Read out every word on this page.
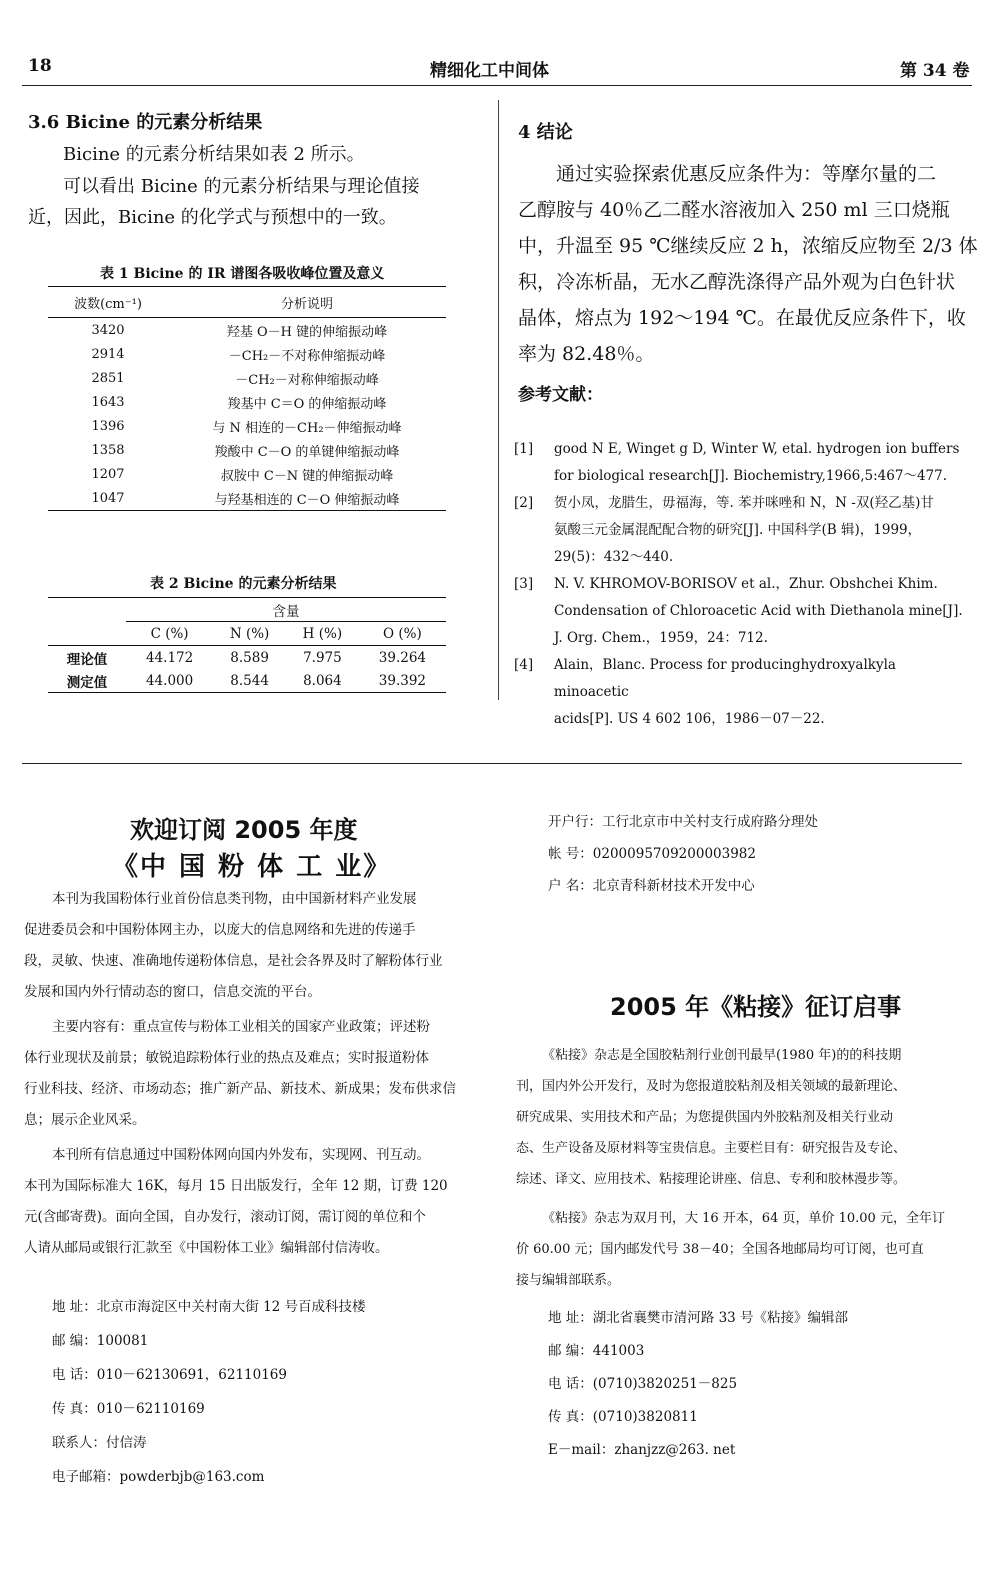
18	精细化工中间体	第 34 卷
3.6 Bicine 的元素分析结果
Bicine 的元素分析结果如表 2 所示。
可以看出 Bicine 的元素分析结果与理论值接
近，因此，Bicine 的化学式与预想中的一致。
表 1 Bicine 的 IR 谱图各吸收峰位置及意义
波数(cm⁻¹)	分析说明
3420	羟基 O－H 键的伸缩振动峰
2914	－CH₂－不对称伸缩振动峰
2851	－CH₂－对称伸缩振动峰
1643	羧基中 C＝O 的伸缩振动峰
1396	与 N 相连的－CH₂－伸缩振动峰
1358	羧酸中 C－O 的单键伸缩振动峰
1207	叔胺中 C－N 键的伸缩振动峰
1047	与羟基相连的 C－O 伸缩振动峰
表 2 Bicine 的元素分析结果
	含量			
	C (%)	N (%)	H (%)	O (%)
理论值	44.172	8.589	7.975	39.264
测定值	44.000	8.544	8.064	39.392
4 结论
通过实验探索优惠反应条件为：等摩尔量的二
乙醇胺与 40％乙二醛水溶液加入 250 ml 三口烧瓶
中，升温至 95 ℃继续反应 2 h，浓缩反应物至 2/3 体
积，冷冻析晶，无水乙醇洗涤得产品外观为白色针状
晶体，熔点为 192～194 ℃。在最优反应条件下，收
率为 82.48％。
参考文献：
[1]	good N E, Winget g D, Winter W, etal. hydrogen ion buffers
for biological research[J]. Biochemistry,1966,5:467～477.
[2]	贺小凤，龙腊生，毋福海，等. 苯并咪唑和 N，N -双(羟乙基)甘
氨酸三元金属混配配合物的研究[J]. 中国科学(B 辑)，1999，
29(5)：432～440.
[3]	N. V. KHROMOV-BORISOV et al.，Zhur. Obshchei Khim.
Condensation of Chloroacetic Acid with Diethanola mine[J].
J. Org. Chem.，1959，24：712.
[4]	Alain，Blanc. Process for producinghydroxyalkyla minoacetic
acids[P]. US 4 602 106，1986－07－22.
欢迎订阅 2005 年度
《中 国 粉 体 工 业》
本刊为我国粉体行业首份信息类刊物，由中国新材料产业发展
促进委员会和中国粉体网主办，以庞大的信息网络和先进的传递手
段，灵敏、快速、准确地传递粉体信息，是社会各界及时了解粉体行业
发展和国内外行情动态的窗口，信息交流的平台。
主要内容有：重点宣传与粉体工业相关的国家产业政策；评述粉
体行业现状及前景；敏锐追踪粉体行业的热点及难点；实时报道粉体
行业科技、经济、市场动态；推广新产品、新技术、新成果；发布供求信
息；展示企业风采。
本刊所有信息通过中国粉体网向国内外发布，实现网、刊互动。
本刊为国际标准大 16K，每月 15 日出版发行，全年 12 期，订费 120
元(含邮寄费)。面向全国，自办发行，滚动订阅，需订阅的单位和个
人请从邮局或银行汇款至《中国粉体工业》编辑部付信涛收。
地 址：北京市海淀区中关村南大街 12 号百成科技楼
邮 编：100081
电 话：010－62130691，62110169
传 真：010－62110169
联系人：付信涛
电子邮箱：powderbjb@163.com
开户行：工行北京市中关村支行成府路分理处
帐 号：0200095709200003982
户 名：北京青科新材技术开发中心
2005 年《粘接》征订启事
《粘接》杂志是全国胶粘剂行业创刊最早(1980 年)的的科技期
刊，国内外公开发行，及时为您报道胶粘剂及相关领域的最新理论、
研究成果、实用技术和产品；为您提供国内外胶粘剂及相关行业动
态、生产设备及原材料等宝贵信息。主要栏目有：研究报告及专论、
综述、译文、应用技术、粘接理论讲座、信息、专利和胶林漫步等。
《粘接》杂志为双月刊，大 16 开本，64 页，单价 10.00 元，全年订
价 60.00 元；国内邮发代号 38－40；全国各地邮局均可订阅，也可直
接与编辑部联系。
地 址：湖北省襄樊市清河路 33 号《粘接》编辑部
邮 编：441003
电 话：(0710)3820251－825
传 真：(0710)3820811
E－mail：zhanjzz@263. net
